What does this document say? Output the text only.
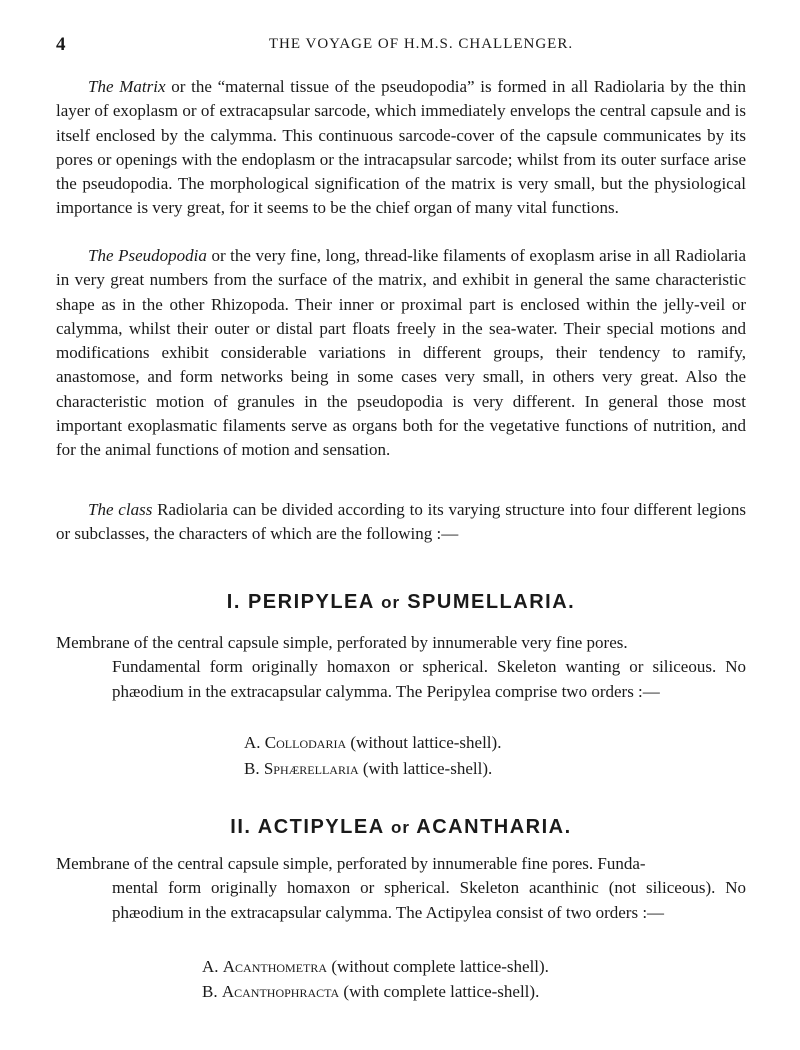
4	THE VOYAGE OF H.M.S. CHALLENGER.

The Matrix or the “maternal tissue of the pseudopodia” is formed in all Radiolaria by the thin layer of exoplasm or of extracapsular sarcode, which immediately envelops the central capsule and is itself enclosed by the calymma. This continuous sarcode-cover of the capsule communicates by its pores or openings with the endoplasm or the intracapsular sarcode; whilst from its outer surface arise the pseudopodia. The morphological signification of the matrix is very small, but the physiological importance is very great, for it seems to be the chief organ of many vital functions.

The Pseudopodia or the very fine, long, thread-like filaments of exoplasm arise in all Radiolaria in very great numbers from the surface of the matrix, and exhibit in general the same characteristic shape as in the other Rhizopoda. Their inner or proximal part is enclosed within the jelly-veil or calymma, whilst their outer or distal part floats freely in the sea-water. Their special motions and modifications exhibit considerable variations in different groups, their tendency to ramify, anastomose, and form networks being in some cases very small, in others very great. Also the characteristic motion of granules in the pseudopodia is very different. In general those most important exoplasmatic filaments serve as organs both for the vegetative functions of nutrition, and for the animal functions of motion and sensation.

The class Radiolaria can be divided according to its varying structure into four different legions or subclasses, the characters of which are the following :—

I. PERIPYLEA or SPUMELLARIA.

Membrane of the central capsule simple, perforated by innumerable very fine pores.
Fundamental form originally homaxon or spherical. Skeleton wanting or siliceous. No phæodium in the extracapsular calymma. The Peripylea comprise two orders :—

A. Collodaria (without lattice-shell).
B. Sphærellaria (with lattice-shell).
II. ACTIPYLEA or ACANTHARIA.

Membrane of the central capsule simple, perforated by innumerable fine pores. Funda-
mental form originally homaxon or spherical. Skeleton acanthinic (not siliceous). No phæodium in the extracapsular calymma. The Actipylea consist of two orders :—

A. Acanthometra (without complete lattice-shell).
B. Acanthophracta (with complete lattice-shell).
